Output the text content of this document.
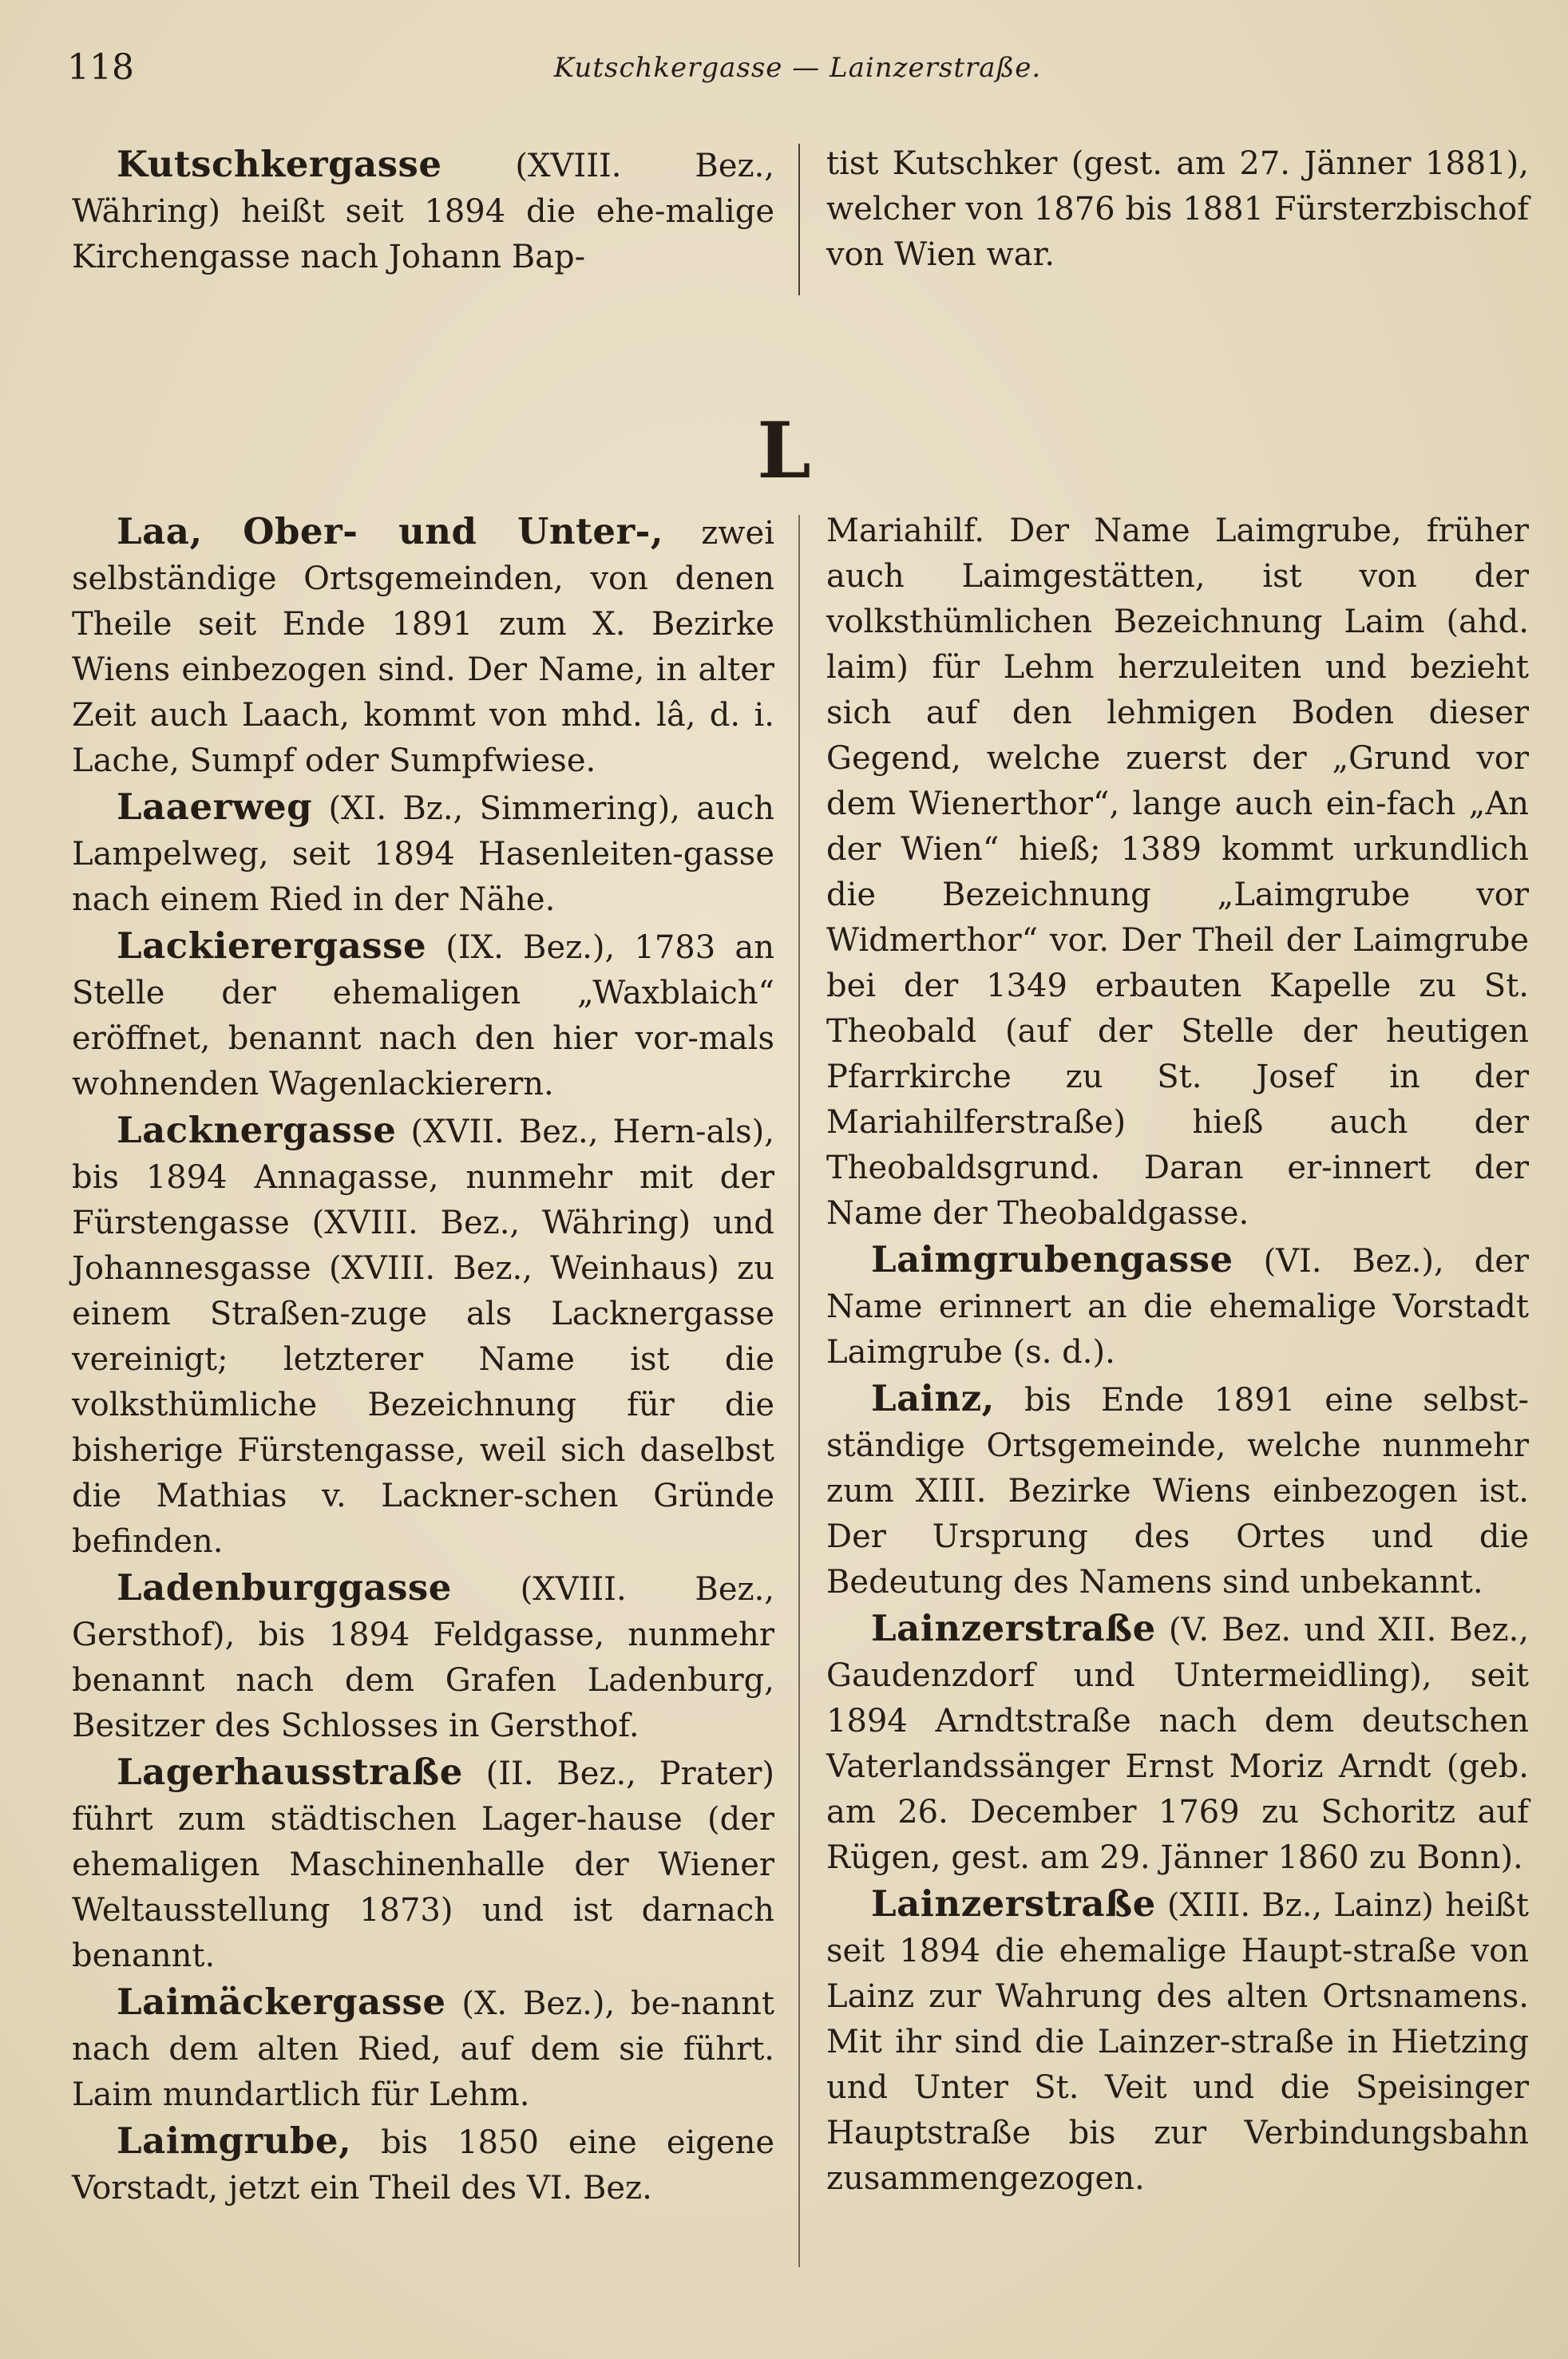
118	Kutschkergasse — Lainzerstraße.

Kutschkergasse (XVIII. Bez., Währing) heißt seit 1894 die ehe-malige Kirchengasse nach Johann Bap-

tist Kutschker (gest. am 27. Jänner 1881), welcher von 1876 bis 1881 Fürsterzbischof von Wien war.

L

Laa, Ober- und Unter-, zwei selbständige Ortsgemeinden, von denen Theile seit Ende 1891 zum X. Bezirke Wiens einbezogen sind. Der Name, in alter Zeit auch Laach, kommt von mhd. lâ, d. i. Lache, Sumpf oder Sumpfwiese.

Laaerweg (XI. Bz., Simmering), auch Lampelweg, seit 1894 Hasenleiten-gasse nach einem Ried in der Nähe.

Lackierergasse (IX. Bez.), 1783 an Stelle der ehemaligen „Waxblaich“ eröffnet, benannt nach den hier vor-mals wohnenden Wagenlackierern.

Lacknergasse (XVII. Bez., Hern-als), bis 1894 Annagasse, nunmehr mit der Fürstengasse (XVIII. Bez., Währing) und Johannesgasse (XVIII. Bez., Weinhaus) zu einem Straßen-zuge als Lacknergasse vereinigt; letzterer Name ist die volksthümliche Bezeichnung für die bisherige Fürstengasse, weil sich daselbst die Mathias v. Lackner-schen Gründe befinden.

Ladenburggasse (XVIII. Bez., Gersthof), bis 1894 Feldgasse, nunmehr benannt nach dem Grafen Ladenburg, Besitzer des Schlosses in Gersthof.

Lagerhausstraße (II. Bez., Prater) führt zum städtischen Lager-hause (der ehemaligen Maschinenhalle der Wiener Weltausstellung 1873) und ist darnach benannt.

Laimäckergasse (X. Bez.), be-nannt nach dem alten Ried, auf dem sie führt. Laim mundartlich für Lehm.

Laimgrube, bis 1850 eine eigene Vorstadt, jetzt ein Theil des VI. Bez.

Mariahilf. Der Name Laimgrube, früher auch Laimgestätten, ist von der volksthümlichen Bezeichnung Laim (ahd. laim) für Lehm herzuleiten und bezieht sich auf den lehmigen Boden dieser Gegend, welche zuerst der „Grund vor dem Wienerthor“, lange auch ein-fach „An der Wien“ hieß; 1389 kommt urkundlich die Bezeichnung „Laimgrube vor Widmerthor“ vor. Der Theil der Laimgrube bei der 1349 erbauten Kapelle zu St. Theobald (auf der Stelle der heutigen Pfarrkirche zu St. Josef in der Mariahilferstraße) hieß auch der Theobaldsgrund. Daran er-innert der Name der Theobaldgasse.

Laimgrubengasse (VI. Bez.), der Name erinnert an die ehemalige Vorstadt Laimgrube (s. d.).

Lainz, bis Ende 1891 eine selbst-ständige Ortsgemeinde, welche nunmehr zum XIII. Bezirke Wiens einbezogen ist. Der Ursprung des Ortes und die Bedeutung des Namens sind unbekannt.

Lainzerstraße (V. Bez. und XII. Bez., Gaudenzdorf und Untermeidling), seit 1894 Arndtstraße nach dem deutschen Vaterlandssänger Ernst Moriz Arndt (geb. am 26. December 1769 zu Schoritz auf Rügen, gest. am 29. Jänner 1860 zu Bonn).

Lainzerstraße (XIII. Bz., Lainz) heißt seit 1894 die ehemalige Haupt-straße von Lainz zur Wahrung des alten Ortsnamens. Mit ihr sind die Lainzer-straße in Hietzing und Unter St. Veit und die Speisinger Hauptstraße bis zur Verbindungsbahn zusammengezogen.
